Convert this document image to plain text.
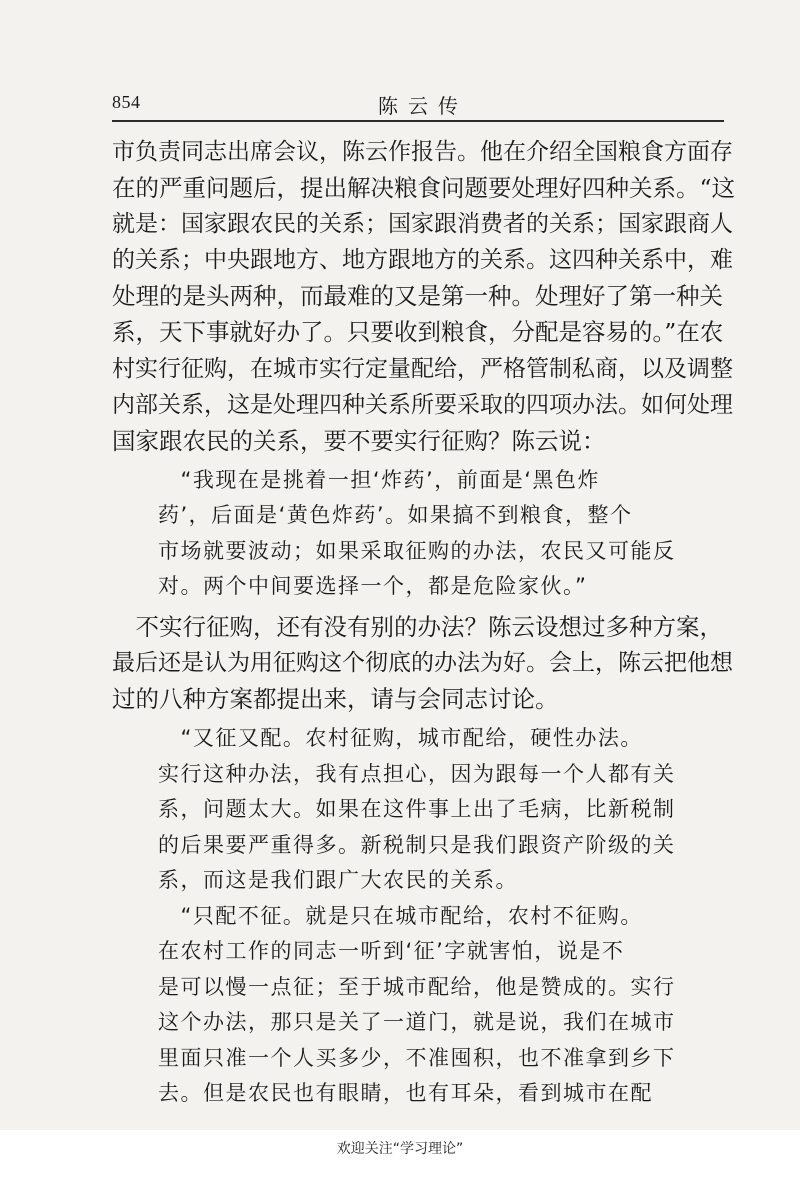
854	陈云传
市负责同志出席会议，陈云作报告。他在介绍全国粮食方面存
在的严重问题后，提出解决粮食问题要处理好四种关系。“这
就是：国家跟农民的关系；国家跟消费者的关系；国家跟商人
的关系；中央跟地方、地方跟地方的关系。这四种关系中，难
处理的是头两种，而最难的又是第一种。处理好了第一种关
系，天下事就好办了。只要收到粮食，分配是容易的。”在农
村实行征购，在城市实行定量配给，严格管制私商，以及调整
内部关系，这是处理四种关系所要采取的四项办法。如何处理
国家跟农民的关系，要不要实行征购？陈云说：
　“我现在是挑着一担‘炸药’，前面是‘黑色炸
药’，后面是‘黄色炸药’。如果搞不到粮食，整个
市场就要波动；如果采取征购的办法，农民又可能反
对。两个中间要选择一个，都是危险家伙。”
　不实行征购，还有没有别的办法？陈云设想过多种方案，
最后还是认为用征购这个彻底的办法为好。会上，陈云把他想
过的八种方案都提出来，请与会同志讨论。
　“又征又配。农村征购，城市配给，硬性办法。
实行这种办法，我有点担心，因为跟每一个人都有关
系，问题太大。如果在这件事上出了毛病，比新税制
的后果要严重得多。新税制只是我们跟资产阶级的关
系，而这是我们跟广大农民的关系。
　“只配不征。就是只在城市配给，农村不征购。
在农村工作的同志一听到‘征’字就害怕，说是不
是可以慢一点征；至于城市配给，他是赞成的。实行
这个办法，那只是关了一道门，就是说，我们在城市
里面只准一个人买多少，不准囤积，也不准拿到乡下
去。但是农民也有眼睛，也有耳朵，看到城市在配
欢迎关注“学习理论”
